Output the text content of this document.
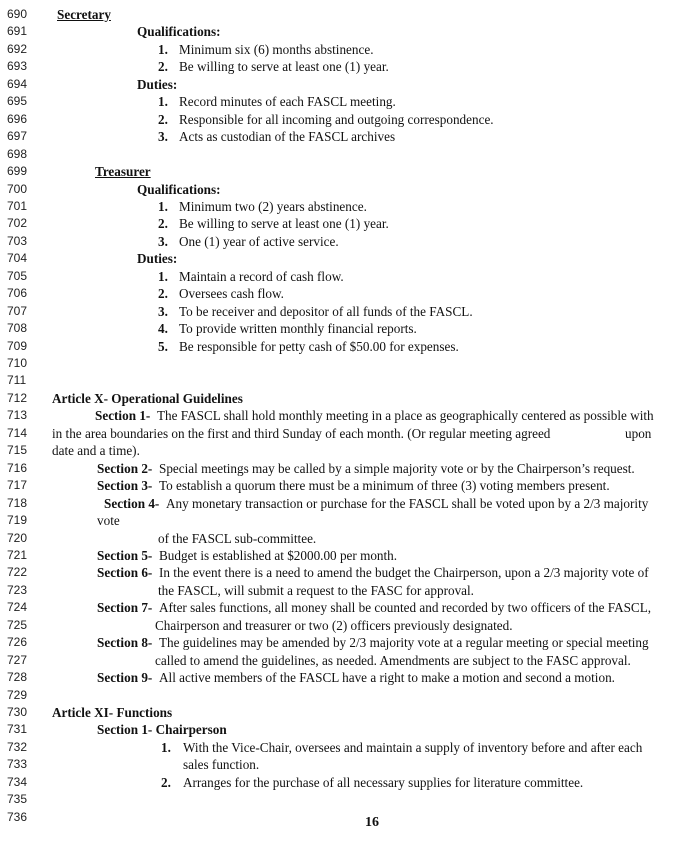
690 Secretary
691	Qualifications:
692	1. Minimum six (6) months abstinence.
693	2. Be willing to serve at least one (1) year.
694	Duties:
695	1. Record minutes of each FASCL meeting.
696	2. Responsible for all incoming and outgoing correspondence.
697	3. Acts as custodian of the FASCL archives
698
699	Treasurer
700	Qualifications:
701	1. Minimum two (2) years abstinence.
702	2. Be willing to serve at least one (1) year.
703	3. One (1) year of active service.
704	Duties:
705	1. Maintain a record of cash flow.
706	2. Oversees cash flow.
707	3. To be receiver and depositor of all funds of the FASCL.
708	4. To provide written monthly financial reports.
709	5. Be responsible for petty cash of $50.00 for expenses.
710
711
712 Article X- Operational Guidelines
713	Section 1- The FASCL shall hold monthly meeting in a place as geographically centered as possible with
714 in the area boundaries on the first and third Sunday of each month. (Or regular meeting agreed	upon
715 date and a time).
716	Section 2- Special meetings may be called by a simple majority vote or by the Chairperson’s request.
717	Section 3- To establish a quorum there must be a minimum of three (3) voting members present.
718	Section 4- Any monetary transaction or purchase for the FASCL shall be voted upon by a 2/3 majority
719	vote
720	of the FASCL sub-committee.
721	Section 5- Budget is established at $2000.00 per month.
722	Section 6- In the event there is a need to amend the budget the Chairperson, upon a 2/3 majority vote of
723	the FASCL, will submit a request to the FASC for approval.
724	Section 7- After sales functions, all money shall be counted and recorded by two officers of the FASCL,
725	Chairperson and treasurer or two (2) officers previously designated.
726	Section 8- The guidelines may be amended by 2/3 majority vote at a regular meeting or special meeting
727	called to amend the guidelines, as needed. Amendments are subject to the FASC approval.
728	Section 9- All active members of the FASCL have a right to make a motion and second a motion.
729
730 Article XI- Functions
731	Section 1- Chairperson
732	1. With the Vice-Chair, oversees and maintain a supply of inventory before and after each
733	sales function.
734	2. Arranges for the purchase of all necessary supplies for literature committee.
735
736	16
